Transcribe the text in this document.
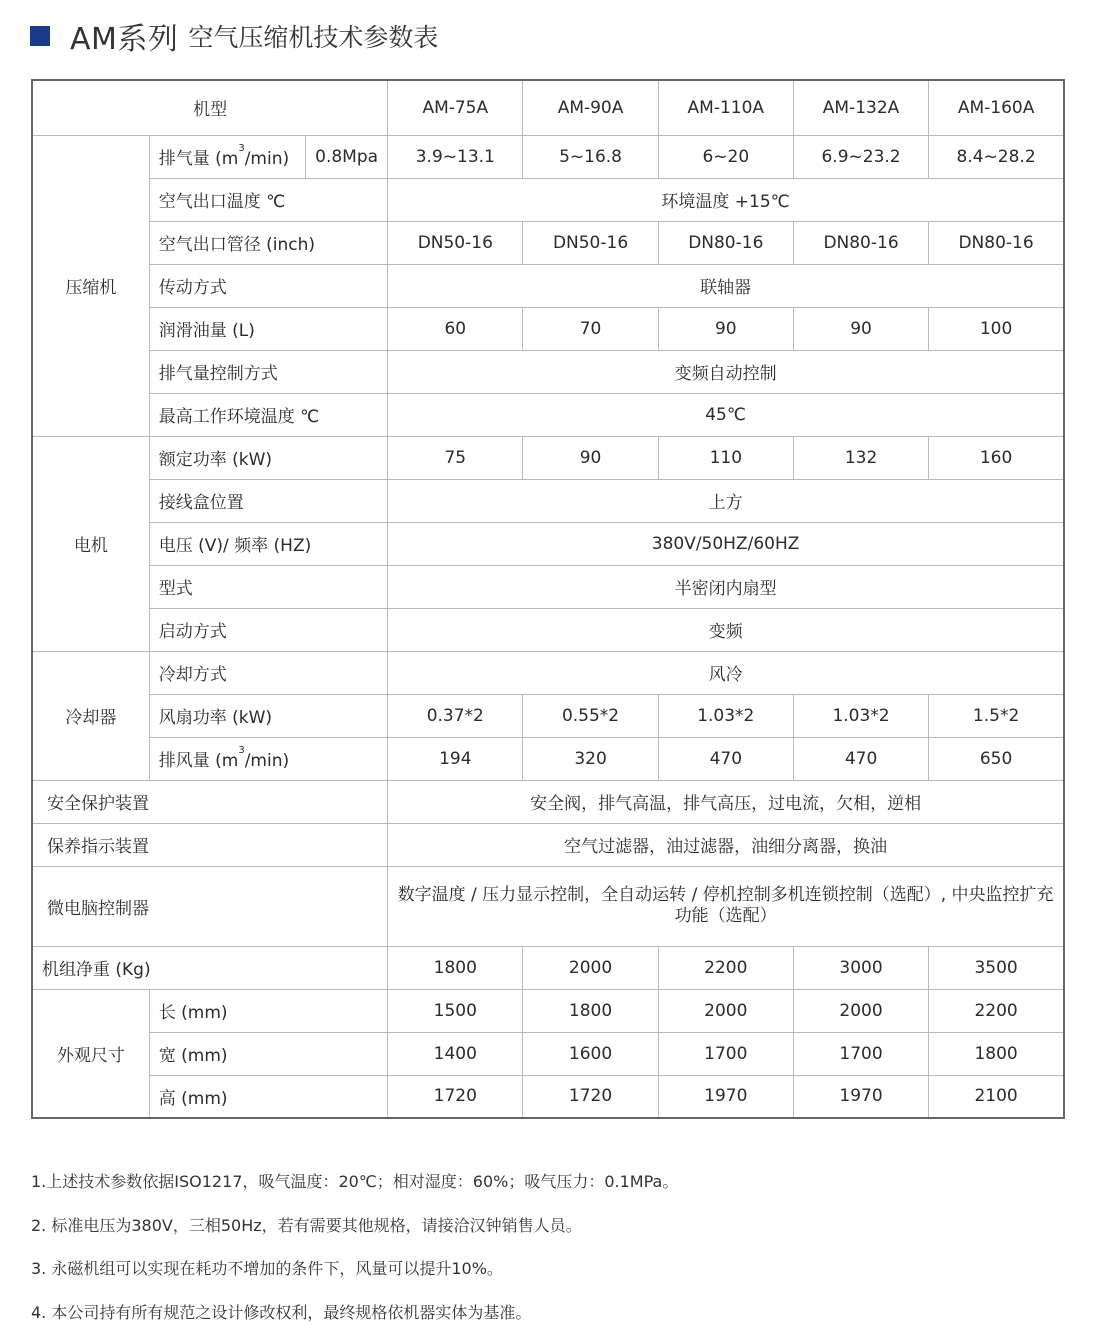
AM系列 空气压缩机技术参数表
机型			AM-75A	AM-90A	AM-110A	AM-132A	AM-160A
压缩机	排气量 $(m^3/\min)$	0.8Mpa	3.9~13.1	5~16.8	6~20	6.9~23.2	8.4~28.2
	空气出口温度 ℃		环境温度 +15℃				
	空气出口管径 (inch)		DN50-16	DN50-16	DN80-16	DN80-16	DN80-16
	传动方式		联轴器				
	润滑油量 (L)		60	70	90	90	100
	排气量控制方式		变频自动控制				
	最高工作环境温度 ℃		45℃				
电机	额定功率 (kW)		75	90	110	132	160
	接线盒位置		上方				
	电压 (V)/ 频率 (HZ)		380V/50HZ/60HZ				
	型式		半密闭内扇型				
	启动方式		变频				
冷却器	冷却方式		风冷				
	风扇功率 (kW)		0.37*2	0.55*2	1.03*2	1.03*2	1.5*2
	排风量 $(m^3/\min)$		194	320	470	470	650
安全保护装置			安全阀，排气高温，排气高压，过电流，欠相，逆相				
保养指示装置			空气过滤器，油过滤器，油细分离器，换油				
微电脑控制器			数字温度 / 压力显示控制，全自动运转 / 停机控制多机连锁控制（选配）, 中央监控扩充功能（选配）				
机组净重 (Kg)			1800	2000	2200	3000	3500
外观尺寸	长 (mm)		1500	1800	2000	2000	2200
	宽 (mm)		1400	1600	1700	1700	1800
	高 (mm)		1720	1720	1970	1970	2100
1.上述技术参数依据ISO1217，吸气温度：20℃；相对湿度：60%；吸气压力：0.1MPa。
2. 标准电压为380V，三相50Hz，若有需要其他规格，请接洽汉钟销售人员。
3. 永磁机组可以实现在耗功不增加的条件下，风量可以提升10%。
4. 本公司持有所有规范之设计修改权利，最终规格依机器实体为基准。
